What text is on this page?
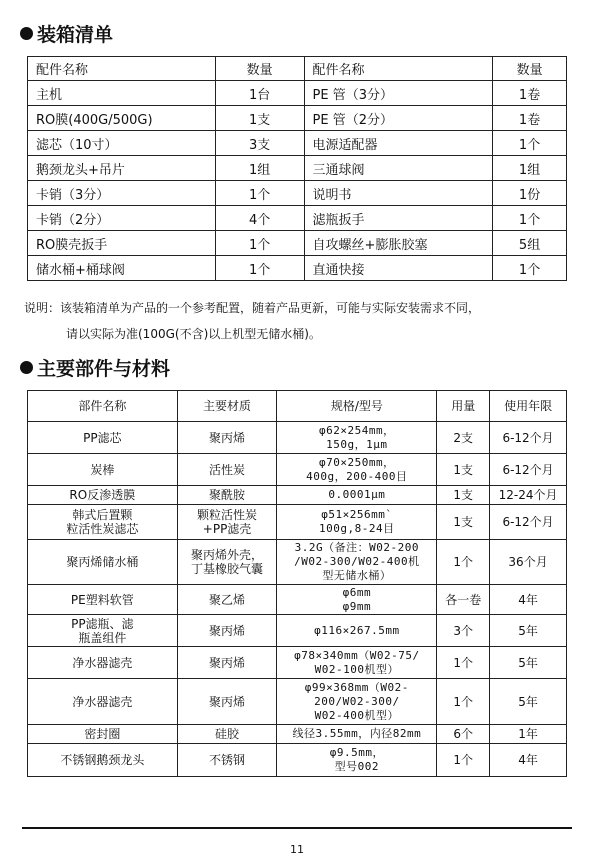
装箱清单
配件名称	数量	配件名称	数量
主机	1台	PE 管（3分）	1卷
RO膜(400G/500G)	1支	PE 管（2分）	1卷
滤芯（10寸）	3支	电源适配器	1个
鹅颈龙头+吊片	1组	三通球阀	1组
卡销（3分）	1个	说明书	1份
卡销（2分）	4个	滤瓶扳手	1个
RO膜壳扳手	1个	自攻螺丝+膨胀胶塞	5组
储水桶+桶球阀	1个	直通快接	1个
说明：该装箱清单为产品的一个参考配置，随着产品更新，可能与实际安装需求不同，
请以实际为准(100G(不含)以上机型无储水桶)。
主要部件与材料
部件名称	主要材质	规格/型号	用量	使用年限
PP滤芯	聚丙烯	φ62×254mm，
150g，1μm	2支	6-12个月
炭棒	活性炭	φ70×250mm，
400g，200-400目	1支	6-12个月
RO反渗透膜	聚酰胺	0.0001μm	1支	12-24个月
韩式后置颗
粒活性炭滤芯	颗粒活性炭
+PP滤壳	φ51×256mm`
100g,8-24目	1支	6-12个月
聚丙烯储水桶	聚丙烯外壳，
丁基橡胶气囊	3.2G（备注：W02-200
/W02-300/W02-400机
型无储水桶）	1个	36个月
PE塑料软管	聚乙烯	φ6mm
φ9mm	各一卷	4年
PP滤瓶、滤
瓶盖组件	聚丙烯	φ116×267.5mm	3个	5年
净水器滤壳	聚丙烯	φ78×340mm（W02-75/
W02-100机型）	1个	5年
净水器滤壳	聚丙烯	φ99×368mm（W02-
200/W02-300/
W02-400机型）	1个	5年
密封圈	硅胶	线径3.55mm，内径82mm	6个	1年
不锈钢鹅颈龙头	不锈钢	φ9.5mm，
型号002	1个	4年
11
